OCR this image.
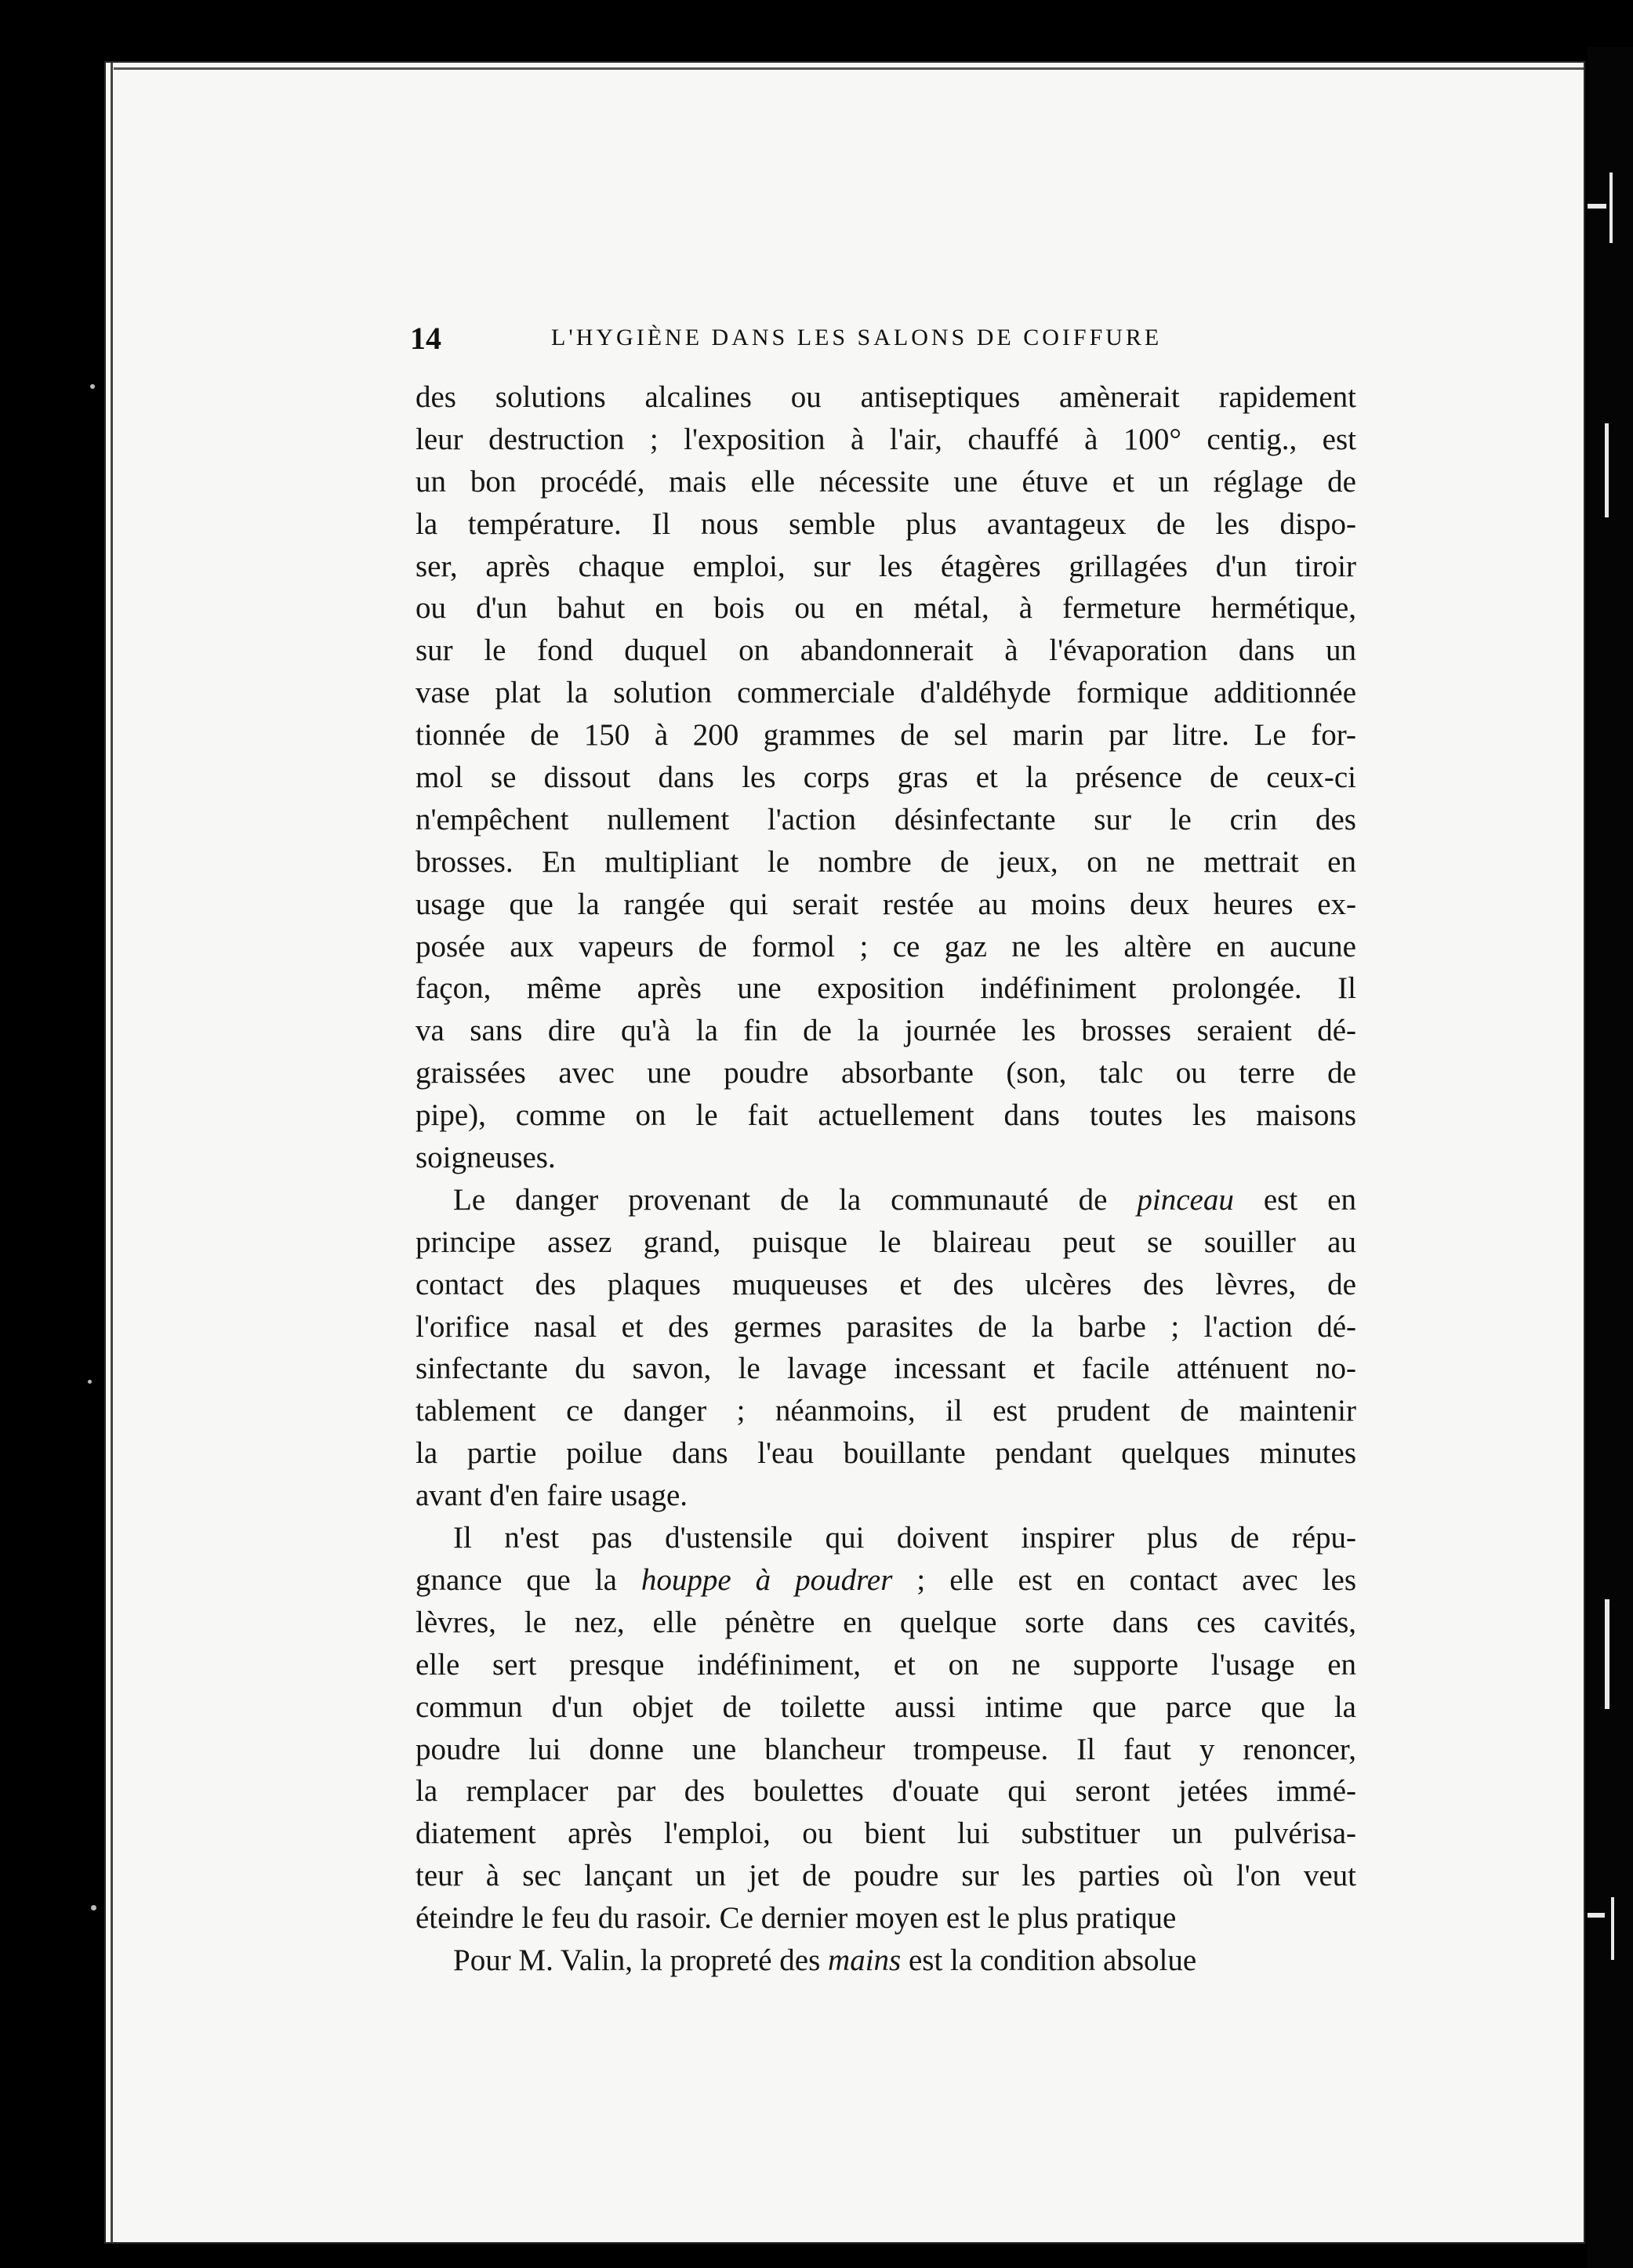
14	L'HYGIÈNE DANS LES SALONS DE COIFFURE
des solutions alcalines ou antiseptiques amènerait rapidement
leur destruction ; l'exposition à l'air, chauffé à 100° centig., est
un bon procédé, mais elle nécessite une étuve et un réglage de
la température. Il nous semble plus avantageux de les dispo-
ser, après chaque emploi, sur les étagères grillagées d'un tiroir
ou d'un bahut en bois ou en métal, à fermeture hermétique,
sur le fond duquel on abandonnerait à l'évaporation dans un
vase plat la solution commerciale d'aldéhyde formique additionnée
tionnée de 150 à 200 grammes de sel marin par litre. Le for-
mol se dissout dans les corps gras et la présence de ceux-ci
n'empêchent nullement l'action désinfectante sur le crin des
brosses. En multipliant le nombre de jeux, on ne mettrait en
usage que la rangée qui serait restée au moins deux heures ex-
posée aux vapeurs de formol ; ce gaz ne les altère en aucune
façon, même après une exposition indéfiniment prolongée. Il
va sans dire qu'à la fin de la journée les brosses seraient dé-
graissées avec une poudre absorbante (son, talc ou terre de
pipe), comme on le fait actuellement dans toutes les maisons
soigneuses.
Le danger provenant de la communauté de pinceau est en
principe assez grand, puisque le blaireau peut se souiller au
contact des plaques muqueuses et des ulcères des lèvres, de
l'orifice nasal et des germes parasites de la barbe ; l'action dé-
sinfectante du savon, le lavage incessant et facile atténuent no-
tablement ce danger ; néanmoins, il est prudent de maintenir
la partie poilue dans l'eau bouillante pendant quelques minutes
avant d'en faire usage.
Il n'est pas d'ustensile qui doivent inspirer plus de répu-
gnance que la houppe à poudrer ; elle est en contact avec les
lèvres, le nez, elle pénètre en quelque sorte dans ces cavités,
elle sert presque indéfiniment, et on ne supporte l'usage en
commun d'un objet de toilette aussi intime que parce que la
poudre lui donne une blancheur trompeuse. Il faut y renoncer,
la remplacer par des boulettes d'ouate qui seront jetées immé-
diatement après l'emploi, ou bient lui substituer un pulvérisa-
teur à sec lançant un jet de poudre sur les parties où l'on veut
éteindre le feu du rasoir. Ce dernier moyen est le plus pratique
Pour M. Valin, la propreté des mains est la condition absolue
